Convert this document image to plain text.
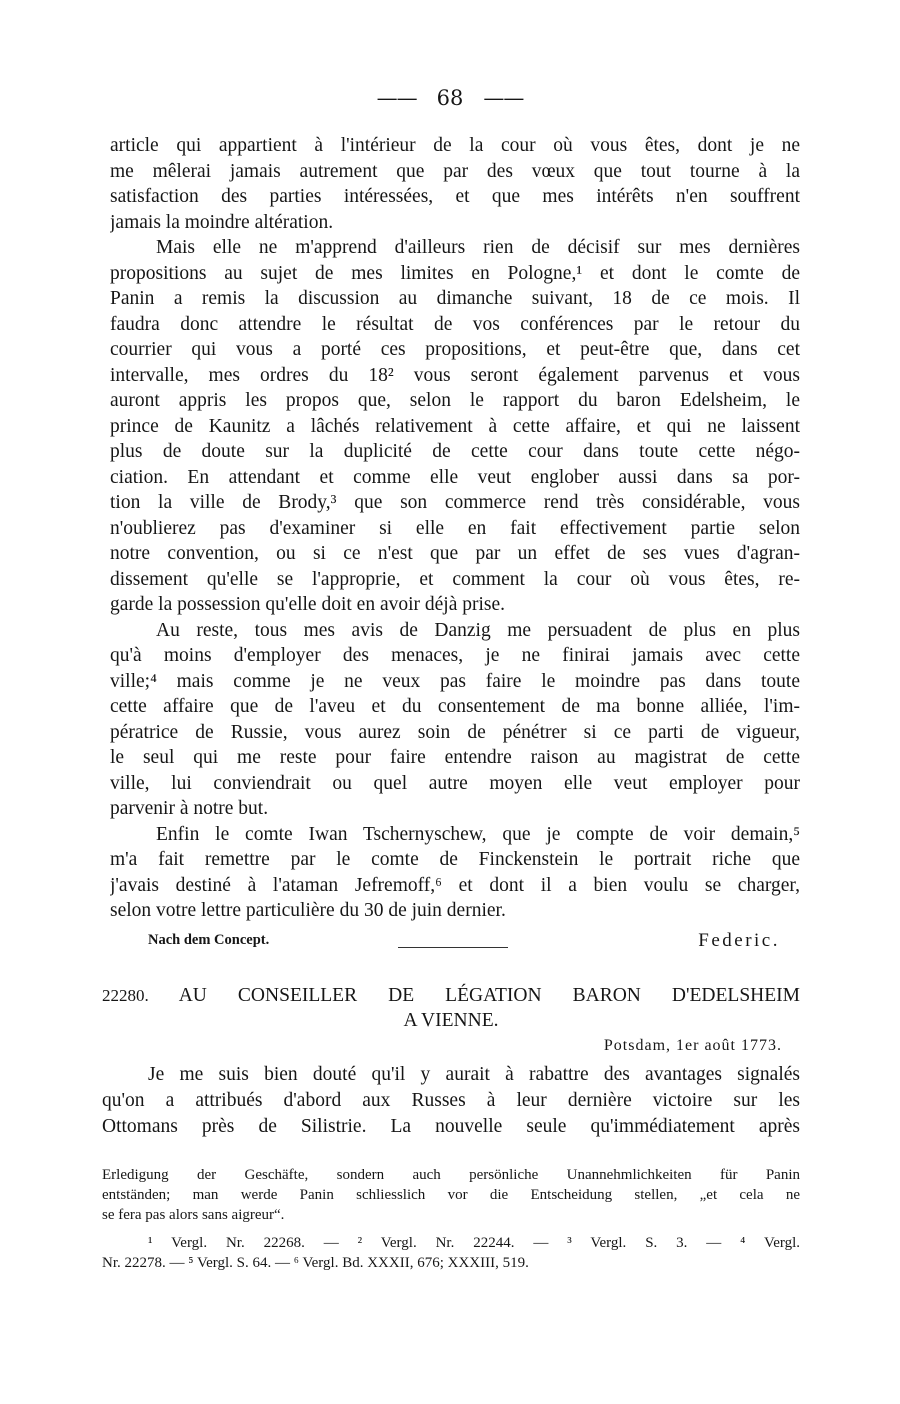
—— 68 ——
article qui appartient à l'intérieur de la cour où vous êtes, dont je ne
me mêlerai jamais autrement que par des vœux que tout tourne à la
satisfaction des parties intéressées, et que mes intérêts n'en souffrent
jamais la moindre altération.
Mais elle ne m'apprend d'ailleurs rien de décisif sur mes dernières
propositions au sujet de mes limites en Pologne,¹ et dont le comte de
Panin a remis la discussion au dimanche suivant, 18 de ce mois. Il
faudra donc attendre le résultat de vos conférences par le retour du
courrier qui vous a porté ces propositions, et peut-être que, dans cet
intervalle, mes ordres du 18² vous seront également parvenus et vous
auront appris les propos que, selon le rapport du baron Edelsheim, le
prince de Kaunitz a lâchés relativement à cette affaire, et qui ne laissent
plus de doute sur la duplicité de cette cour dans toute cette négo-
ciation. En attendant et comme elle veut englober aussi dans sa por-
tion la ville de Brody,³ que son commerce rend très considérable, vous
n'oublierez pas d'examiner si elle en fait effectivement partie selon
notre convention, ou si ce n'est que par un effet de ses vues d'agran-
dissement qu'elle se l'approprie, et comment la cour où vous êtes, re-
garde la possession qu'elle doit en avoir déjà prise.
Au reste, tous mes avis de Danzig me persuadent de plus en plus
qu'à moins d'employer des menaces, je ne finirai jamais avec cette
ville;⁴ mais comme je ne veux pas faire le moindre pas dans toute
cette affaire que de l'aveu et du consentement de ma bonne alliée, l'im-
pératrice de Russie, vous aurez soin de pénétrer si ce parti de vigueur,
le seul qui me reste pour faire entendre raison au magistrat de cette
ville, lui conviendrait ou quel autre moyen elle veut employer pour
parvenir à notre but.
Enfin le comte Iwan Tschernyschew, que je compte de voir demain,⁵
m'a fait remettre par le comte de Finckenstein le portrait riche que
j'avais destiné à l'ataman Jefremoff,⁶ et dont il a bien voulu se charger,
selon votre lettre particulière du 30 de juin dernier.
Nach dem Concept.	Federic.
22280. AU CONSEILLER DE LÉGATION BARON D'EDELSHEIM
A VIENNE.
Potsdam, 1er août 1773.
Je me suis bien douté qu'il y aurait à rabattre des avantages signalés
qu'on a attribués d'abord aux Russes à leur dernière victoire sur les
Ottomans près de Silistrie. La nouvelle seule qu'immédiatement après
Erledigung der Geschäfte, sondern auch persönliche Unannehmlichkeiten für Panin
entständen; man werde Panin schliesslich vor die Entscheidung stellen, „et cela ne
se fera pas alors sans aigreur“.
¹ Vergl. Nr. 22268. — ² Vergl. Nr. 22244. — ³ Vergl. S. 3. — ⁴ Vergl.
Nr. 22278. — ⁵ Vergl. S. 64. — ⁶ Vergl. Bd. XXXII, 676; XXXIII, 519.
